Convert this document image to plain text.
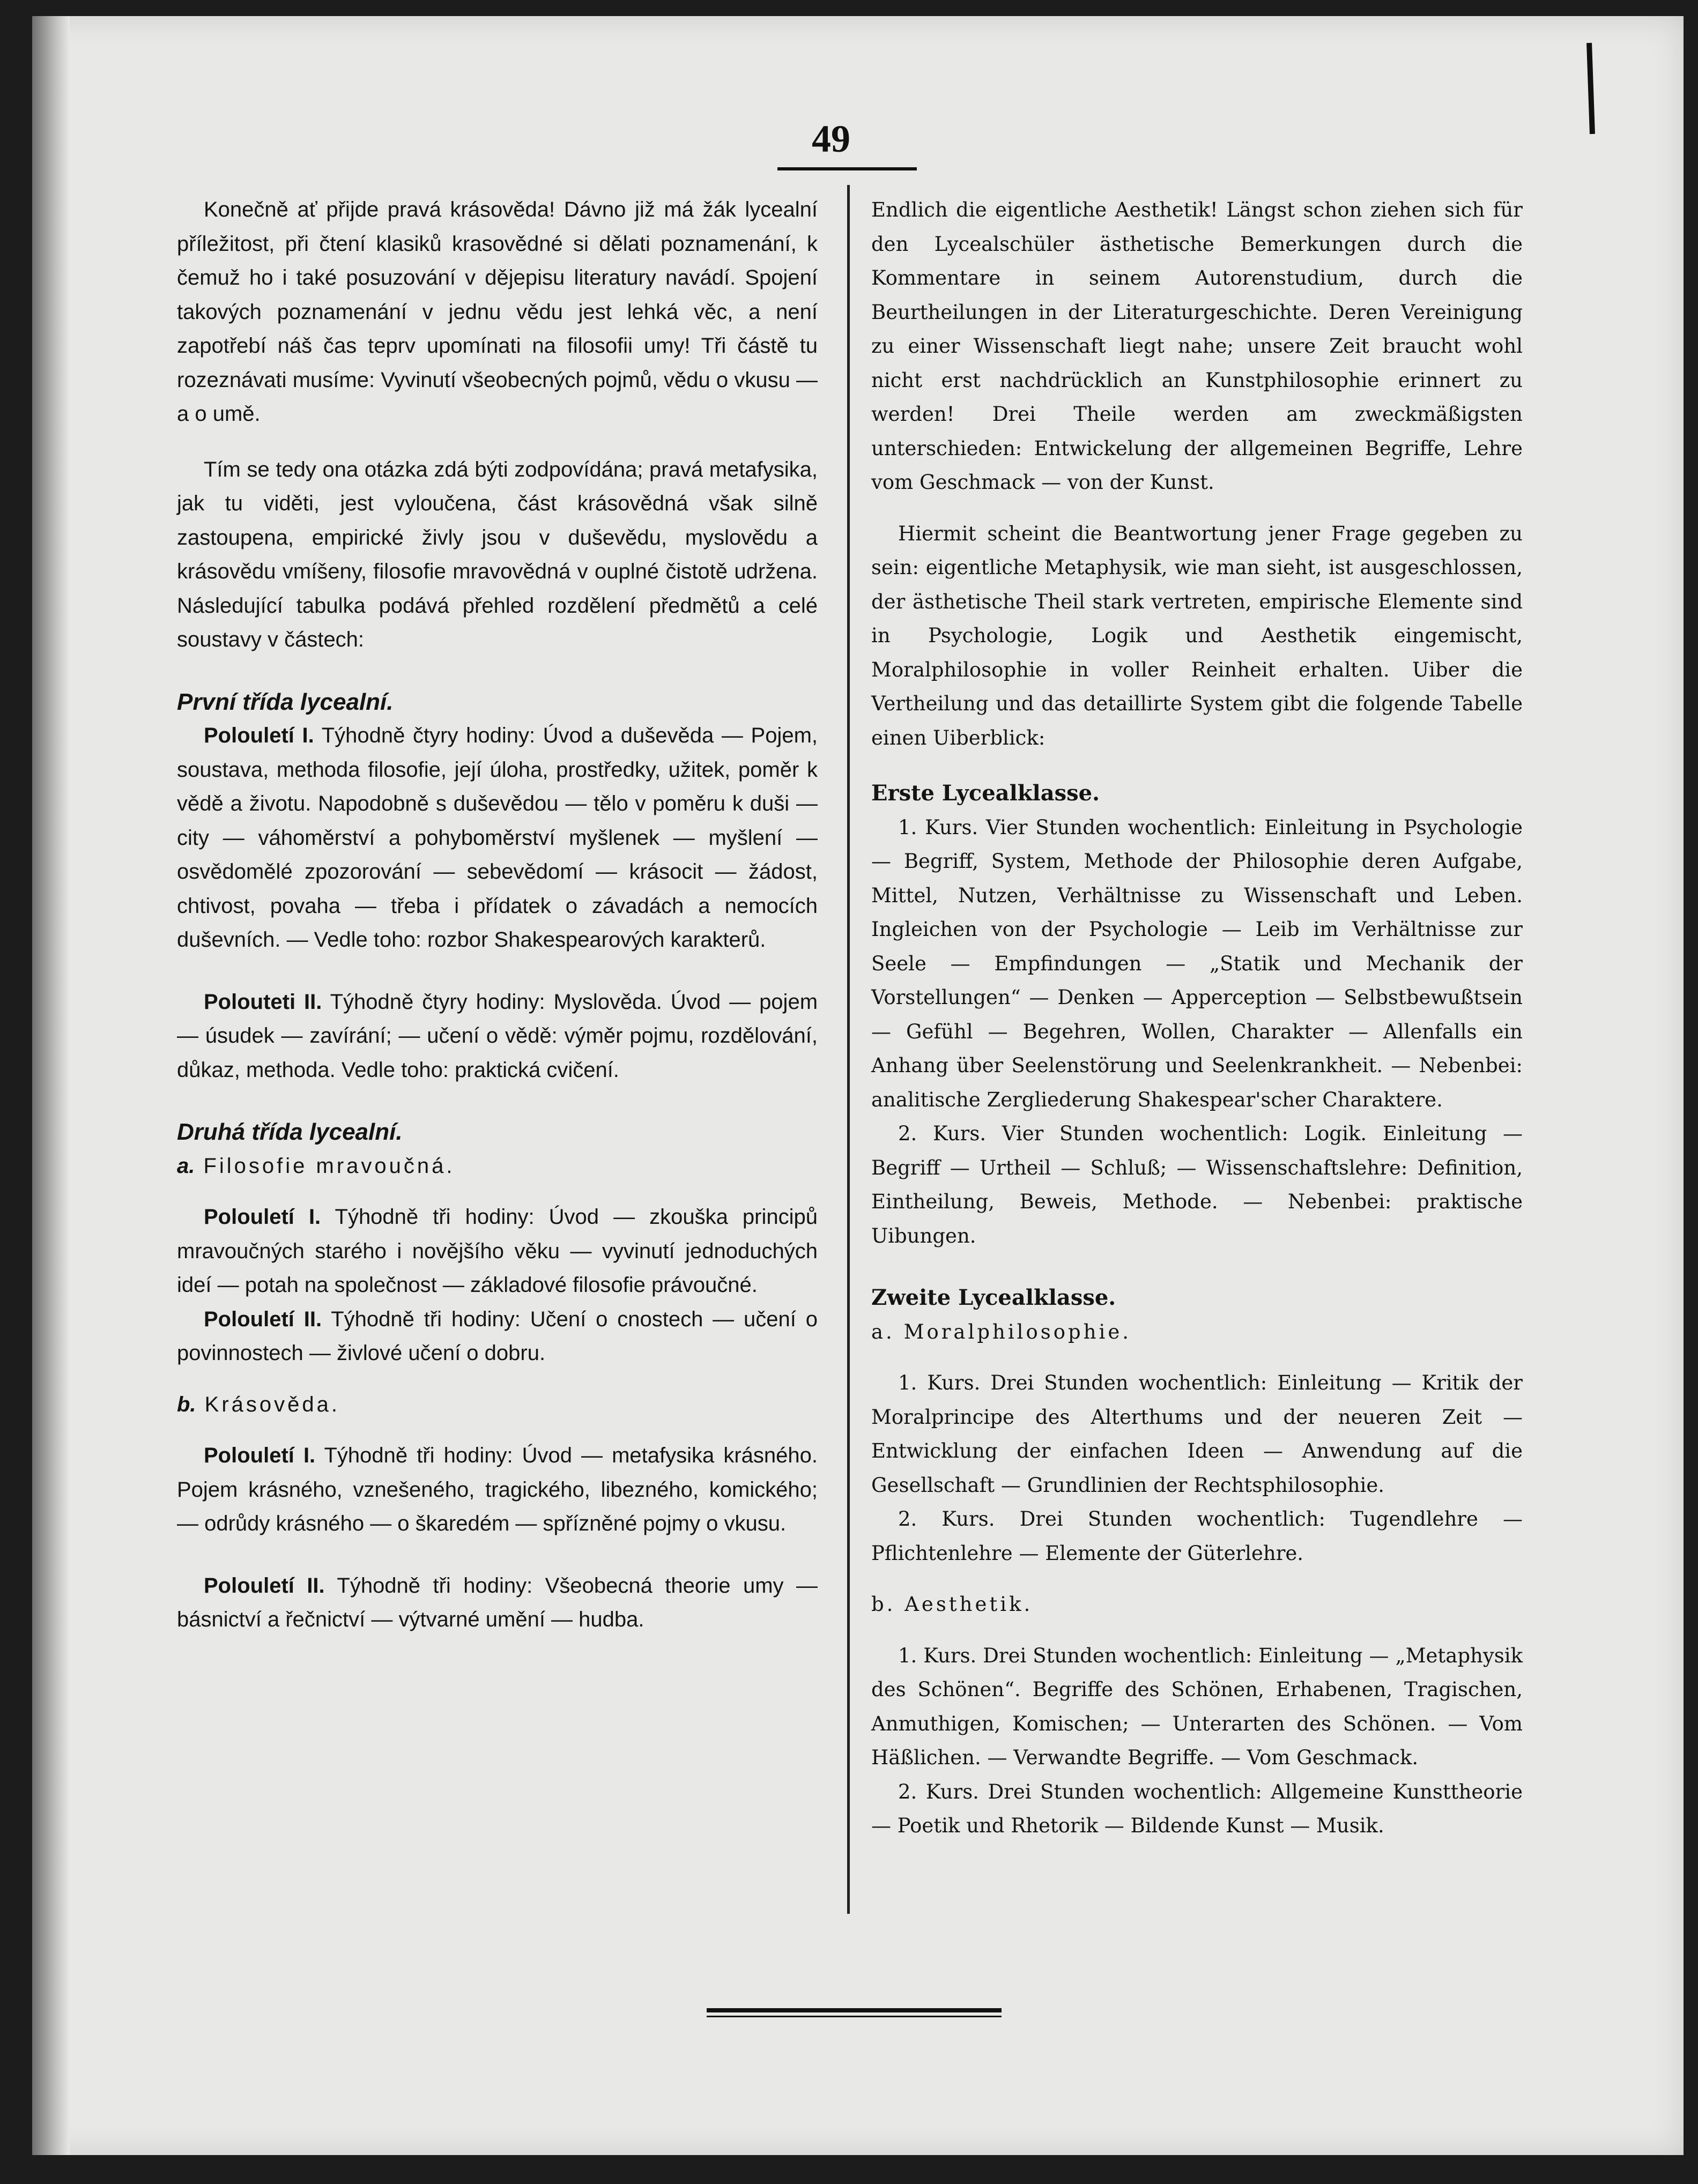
49

Konečně ať přijde pravá krásověda! Dávno již má žák lycealní příležitost, při čtení klasiků krasovědné si dělati poznamenání, k čemuž ho i také posuzování v dějepisu literatury navádí. Spojení takových poznamenání v jednu vědu jest lehká věc, a není zapotřebí náš čas teprv upomínati na filosofii umy! Tři částě tu rozeznávati musíme: Vyvinutí všeobecných pojmů, vědu o vkusu — a o umě.

Tím se tedy ona otázka zdá býti zodpovídána; pravá metafysika, jak tu viděti, jest vyloučena, část krásovědná však silně zastoupena, empirické živly jsou v duševědu, myslovědu a krásovědu vmíšeny, filosofie mravovědná v ouplné čistotě udržena. Následující tabulka podává přehled rozdělení předmětů a celé soustavy v částech:

První třída lycealní.

Polouletí I. Týhodně čtyry hodiny: Úvod a duševěda — Pojem, soustava, methoda filosofie, její úloha, prostředky, užitek, poměr k vědě a životu. Napodobně s duševědou — tělo v poměru k duši — city — váhoměrství a pohyboměrství myšlenek — myšlení — osvědomělé zpozorování — sebevědomí — krásocit — žádost, chtivost, povaha — třeba i přídatek o závadách a nemocích duševních. — Vedle toho: rozbor Shakespearových karakterů.

Polouteti II. Týhodně čtyry hodiny: Myslověda. Úvod — pojem — úsudek — zavírání; — učení o vědě: výměr pojmu, rozdělování, důkaz, methoda. Vedle toho: praktická cvičení.

Druhá třída lycealní.

a. Filosofie mravoučná.

Polouletí I. Týhodně tři hodiny: Úvod — zkouška principů mravoučných starého i novějšího věku — vyvinutí jednoduchých ideí — potah na společnost — základové filosofie právoučné.

Polouletí II. Týhodně tři hodiny: Učení o cnostech — učení o povinnostech — živlové učení o dobru.

b. Krásověda.

Polouletí I. Týhodně tři hodiny: Úvod — metafysika krásného. Pojem krásného, vznešeného, tragického, libezného, komického; — odrůdy krásného — o škaredém — spřízněné pojmy o vkusu.

Polouletí II. Týhodně tři hodiny: Všeobecná theorie umy — básnictví a řečnictví — výtvarné umění — hudba.

Endlich die eigentliche Aesthetik! Längst schon ziehen sich für den Lycealschüler ästhetische Bemerkungen durch die Kommentare in seinem Autorenstudium, durch die Beurtheilungen in der Literaturgeschichte. Deren Vereinigung zu einer Wissenschaft liegt nahe; unsere Zeit braucht wohl nicht erst nachdrücklich an Kunstphilosophie erinnert zu werden! Drei Theile werden am zweckmäßigsten unterschieden: Entwickelung der allgemeinen Begriffe, Lehre vom Geschmack — von der Kunst.

Hiermit scheint die Beantwortung jener Frage gegeben zu sein: eigentliche Metaphysik, wie man sieht, ist ausgeschlossen, der ästhetische Theil stark vertreten, empirische Elemente sind in Psychologie, Logik und Aesthetik eingemischt, Moralphilosophie in voller Reinheit erhalten. Uiber die Vertheilung und das detaillirte System gibt die folgende Tabelle einen Uiberblick:

Erste Lycealklasse.

1. Kurs. Vier Stunden wochentlich: Einleitung in Psychologie — Begriff, System, Methode der Philosophie deren Aufgabe, Mittel, Nutzen, Verhältnisse zu Wissenschaft und Leben. Ingleichen von der Psychologie — Leib im Verhältnisse zur Seele — Empfindungen — „Statik und Mechanik der Vorstellungen“ — Denken — Apperception — Selbstbewußtsein — Gefühl — Begehren, Wollen, Charakter — Allenfalls ein Anhang über Seelenstörung und Seelenkrankheit. — Nebenbei: analitische Zergliederung Shakespear'scher Charaktere.

2. Kurs. Vier Stunden wochentlich: Logik. Einleitung — Begriff — Urtheil — Schluß; — Wissenschaftslehre: Definition, Eintheilung, Beweis, Methode. — Nebenbei: praktische Uibungen.

Zweite Lycealklasse.

a. Moralphilosophie.

1. Kurs. Drei Stunden wochentlich: Einleitung — Kritik der Moralprincipe des Alterthums und der neueren Zeit — Entwicklung der einfachen Ideen — Anwendung auf die Gesellschaft — Grundlinien der Rechtsphilosophie.

2. Kurs. Drei Stunden wochentlich: Tugendlehre — Pflichtenlehre — Elemente der Güterlehre.

b. Aesthetik.

1. Kurs. Drei Stunden wochentlich: Einleitung — „Metaphysik des Schönen“. Begriffe des Schönen, Erhabenen, Tragischen, Anmuthigen, Komischen; — Unterarten des Schönen. — Vom Häßlichen. — Verwandte Begriffe. — Vom Geschmack.

2. Kurs. Drei Stunden wochentlich: Allgemeine Kunsttheorie — Poetik und Rhetorik — Bildende Kunst — Musik.
